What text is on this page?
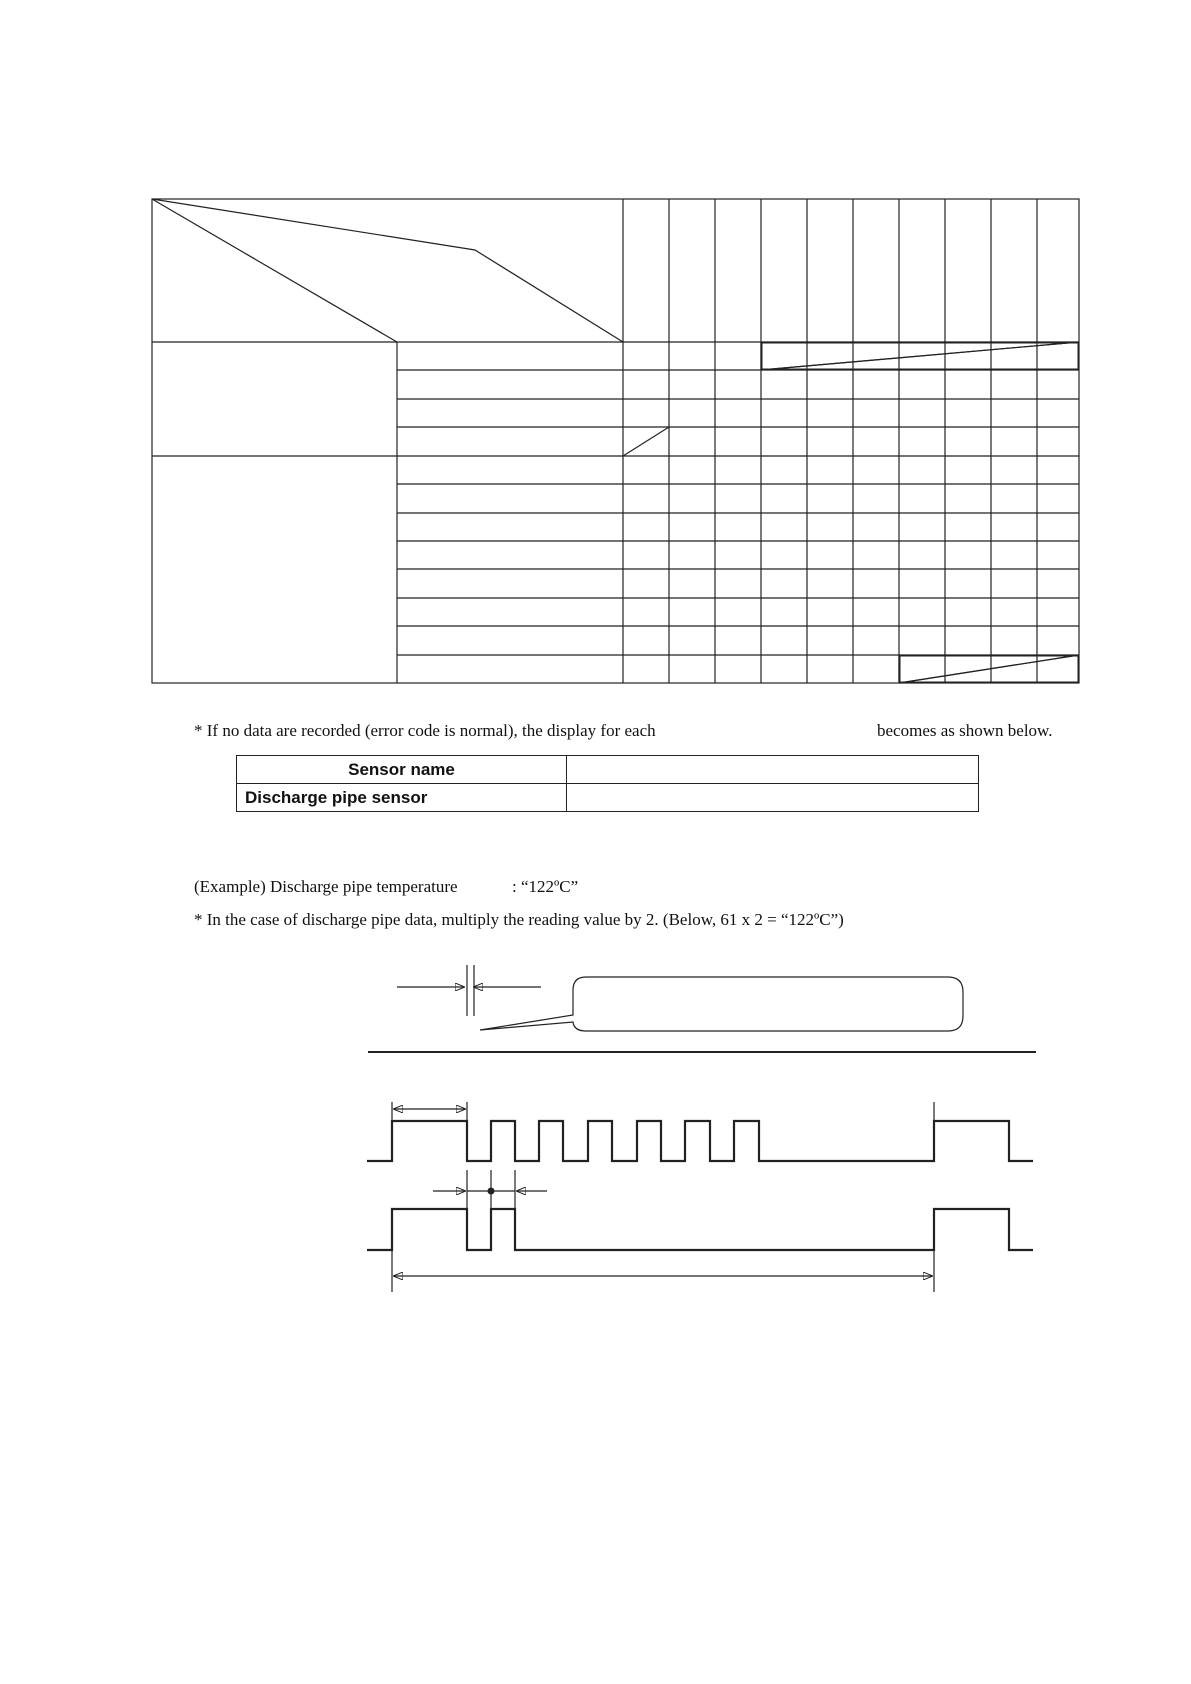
* If no data are recorded (error code is normal), the display for each	becomes as shown below.
Sensor name	
Discharge pipe sensor	
(Example) Discharge pipe temperature	: “122ºC”
* In the case of discharge pipe data, multiply the reading value by 2. (Below, 61 x 2 = “122ºC”)
